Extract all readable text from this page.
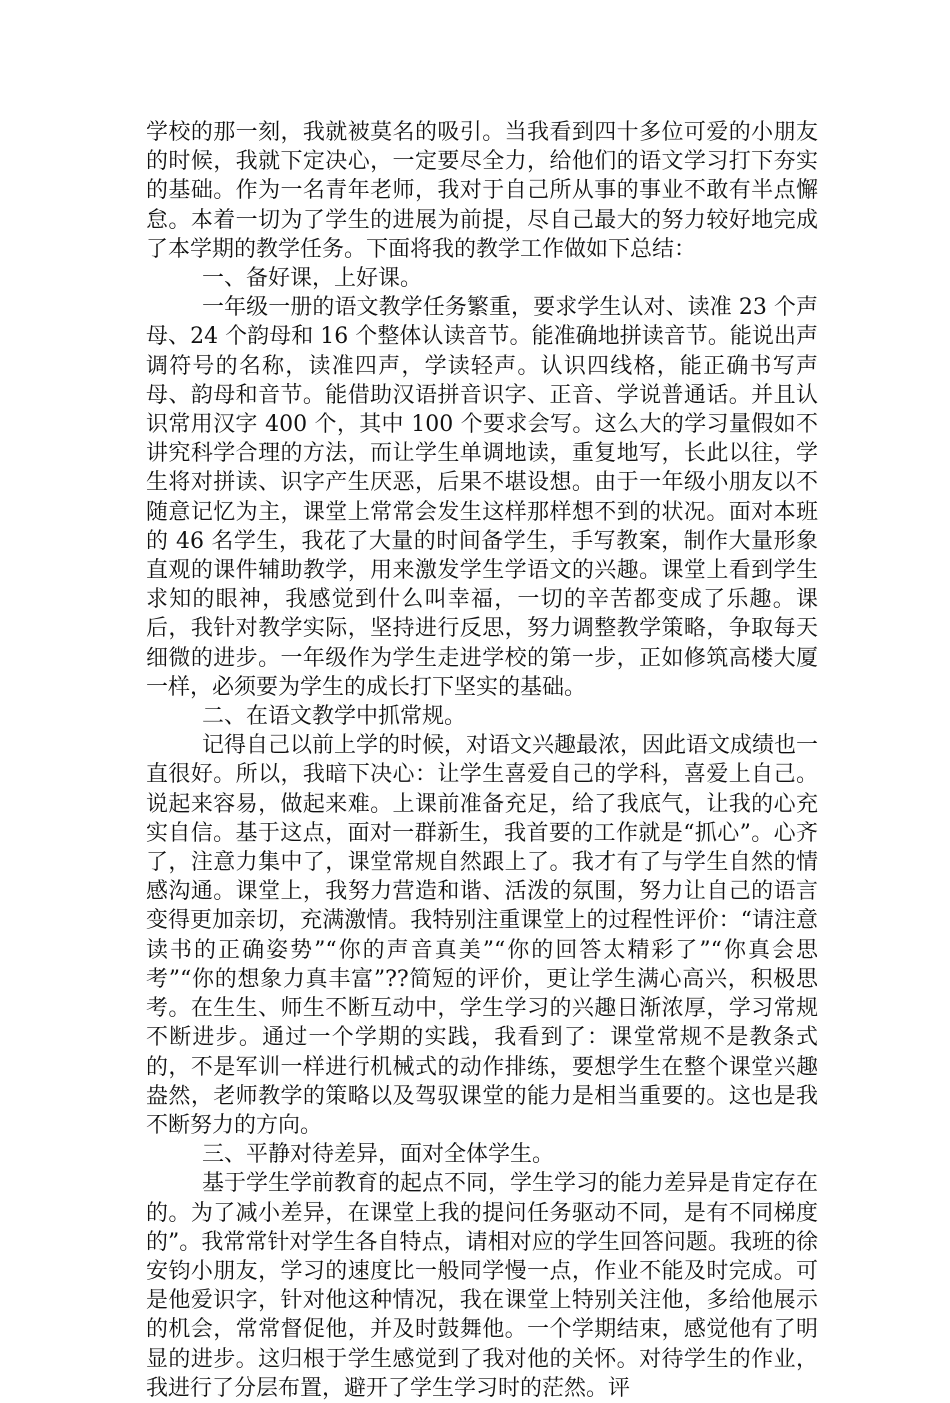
学校的那一刻，我就被莫名的吸引。当我看到四十多位可爱的小朋友的时候，我就下定决心，一定要尽全力，给他们的语文学习打下夯实的基础。作为一名青年老师，我对于自己所从事的事业不敢有半点懈怠。本着一切为了学生的进展为前提，尽自己最大的努力较好地完成了本学期的教学任务。下面将我的教学工作做如下总结：

一、备好课，上好课。

一年级一册的语文教学任务繁重，要求学生认对、读准 23 个声母、24 个韵母和 16 个整体认读音节。能准确地拼读音节。能说出声调符号的名称，读准四声，学读轻声。认识四线格，能正确书写声母、韵母和音节。能借助汉语拼音识字、正音、学说普通话。并且认识常用汉字 400 个，其中 100 个要求会写。这么大的学习量假如不讲究科学合理的方法，而让学生单调地读，重复地写，长此以往，学生将对拼读、识字产生厌恶，后果不堪设想。由于一年级小朋友以不随意记忆为主，课堂上常常会发生这样那样想不到的状况。面对本班的 46 名学生，我花了大量的时间备学生，手写教案，制作大量形象直观的课件辅助教学，用来激发学生学语文的兴趣。课堂上看到学生求知的眼神，我感觉到什么叫幸福，一切的辛苦都变成了乐趣。课后，我针对教学实际，坚持进行反思，努力调整教学策略，争取每天细微的进步。一年级作为学生走进学校的第一步，正如修筑高楼大厦一样，必须要为学生的成长打下坚实的基础。

二、在语文教学中抓常规。

记得自己以前上学的时候，对语文兴趣最浓，因此语文成绩也一直很好。所以，我暗下决心：让学生喜爱自己的学科，喜爱上自己。说起来容易，做起来难。上课前准备充足，给了我底气，让我的心充实自信。基于这点，面对一群新生，我首要的工作就是“抓心”。心齐了，注意力集中了，课堂常规自然跟上了。我才有了与学生自然的情感沟通。课堂上，我努力营造和谐、活泼的氛围，努力让自己的语言变得更加亲切，充满激情。我特别注重课堂上的过程性评价：“请注意读书的正确姿势”“你的声音真美”“你的回答太精彩了”“你真会思考”“你的想象力真丰富”??简短的评价，更让学生满心高兴，积极思考。在生生、师生不断互动中，学生学习的兴趣日渐浓厚，学习常规不断进步。通过一个学期的实践，我看到了：课堂常规不是教条式的，不是军训一样进行机械式的动作排练，要想学生在整个课堂兴趣盎然，老师教学的策略以及驾驭课堂的能力是相当重要的。这也是我不断努力的方向。

三、平静对待差异，面对全体学生。

基于学生学前教育的起点不同，学生学习的能力差异是肯定存在的。为了减小差异，在课堂上我的提问任务驱动不同，是有不同梯度的”。我常常针对学生各自特点，请相对应的学生回答问题。我班的徐安钧小朋友，学习的速度比一般同学慢一点，作业不能及时完成。可是他爱识字，针对他这种情况，我在课堂上特别关注他，多给他展示的机会，常常督促他，并及时鼓舞他。一个学期结束，感觉他有了明显的进步。这归根于学生感觉到了我对他的关怀。对待学生的作业，我进行了分层布置，避开了学生学习时的茫然。评
